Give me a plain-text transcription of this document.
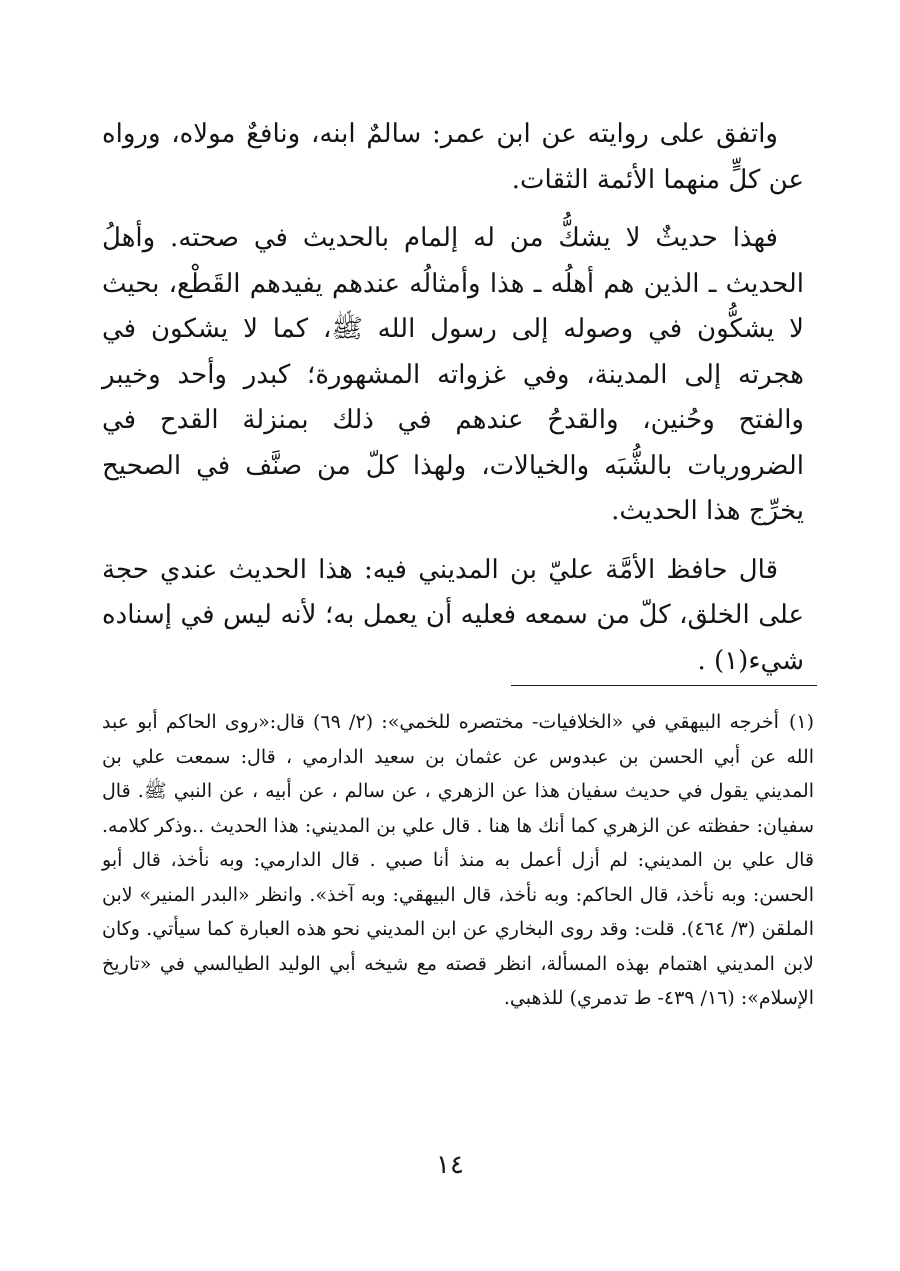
واتفق على روايته عن ابن عمر: سالمٌ ابنه، ونافعٌ مولاه، ورواه عن كلٍّ منهما الأئمة الثقات.

فهذا حديثٌ لا يشكُّ من له إلمام بالحديث في صحته. وأهلُ الحديث ـ الذين هم أهلُه ـ هذا وأمثالُه عندهم يفيدهم القَطْع، بحيث لا يشكُّون في وصوله إلى رسول الله ﷺ، كما لا يشكون في هجرته إلى المدينة، وفي غزواته المشهورة؛ كبدر وأحد وخيبر والفتح وحُنين، والقدحُ عندهم في ذلك بمنزلة القدح في الضروريات بالشُّبَه والخيالات، ولهذا كلّ من صنَّف في الصحيح يخرِّج هذا الحديث.

قال حافظ الأمَّة عليّ بن المديني فيه: هذا الحديث عندي حجة على الخلق، كلّ من سمعه فعليه أن يعمل به؛ لأنه ليس في إسناده شيء(١) .

(١)أخرجه البيهقي في «الخلافيات- مختصره للخمي»: (٢/ ٦٩) قال:«روى الحاكم أبو عبد الله عن أبي الحسن بن عبدوس عن عثمان بن سعيد الدارمي ، قال: سمعت علي بن المديني يقول في حديث سفيان هذا عن الزهري ، عن سالم ، عن أبيه ، عن النبي ﷺ. قال سفيان: حفظته عن الزهري كما أنك ها هنا . قال علي بن المديني: هذا الحديث ..وذكر كلامه. قال علي بن المديني: لم أزل أعمل به منذ أنا صبي . قال الدارمي: وبه نأخذ، قال أبو الحسن: وبه نأخذ، قال الحاكم: وبه نأخذ، قال البيهقي: وبه آخذ». وانظر «البدر المنير» لابن الملقن (٣/ ٤٦٤). قلت: وقد روى البخاري عن ابن المديني نحو هذه العبارة كما سيأتي. وكان لابن المديني اهتمام بهذه المسألة، انظر قصته مع شيخه أبي الوليد الطيالسي في «تاريخ الإسلام»: (١٦/ ٤٣٩- ط تدمري) للذهبي.

١٤
